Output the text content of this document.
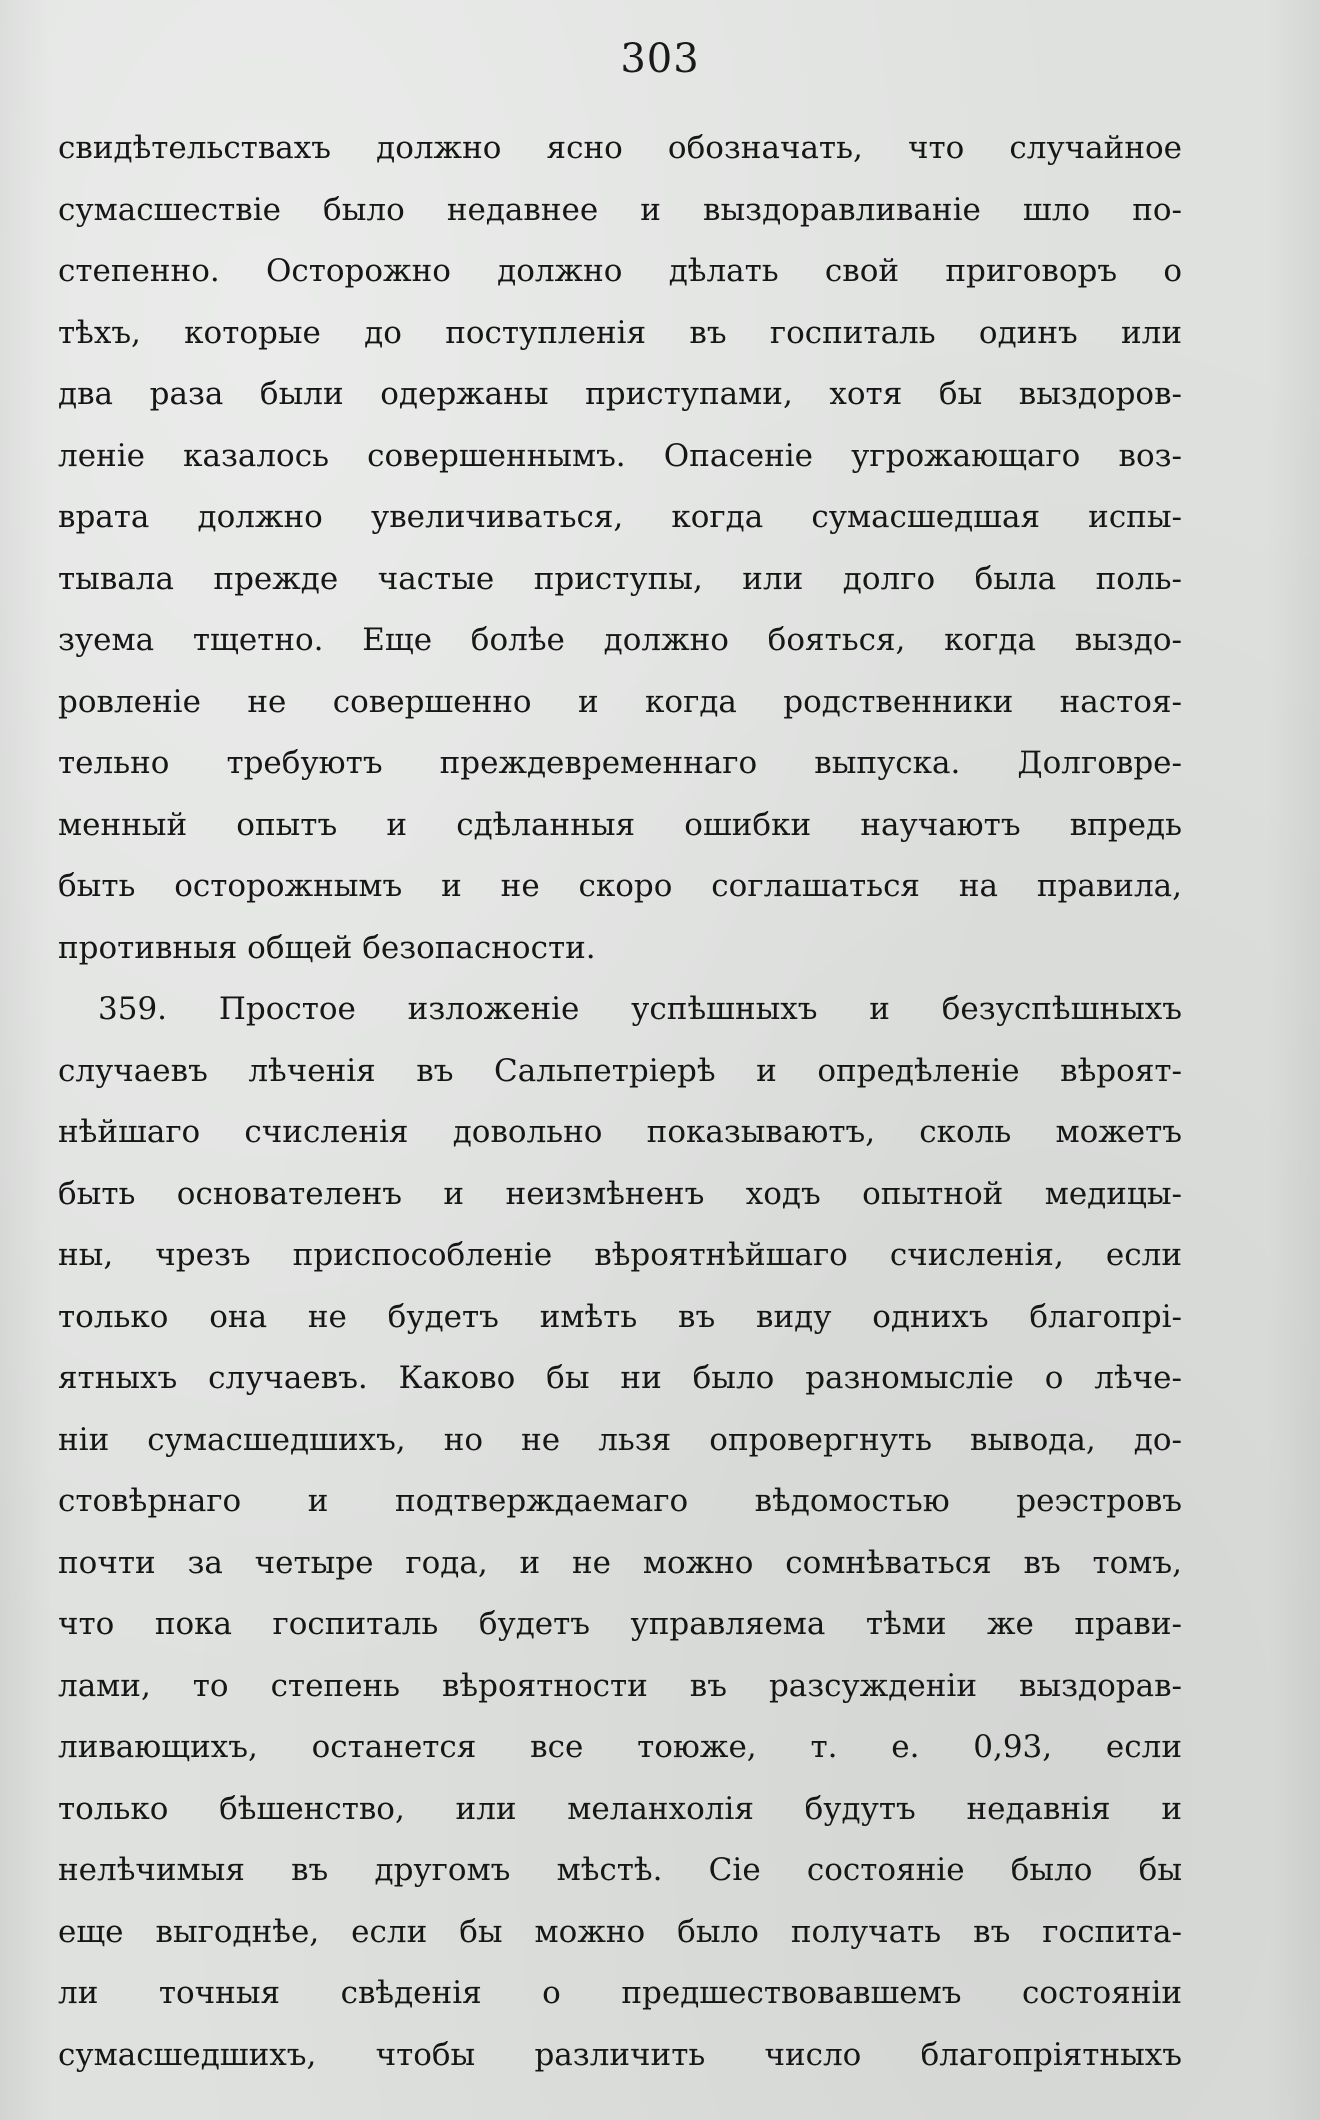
303
свидѣтельствахъ должно ясно обозначать, что случайное
сумасшествіе было недавнее и выздоравливаніе шло по-
степенно. Осторожно должно дѣлать свой приговоръ о
тѣхъ, которые до поступленія въ госпиталь одинъ или
два раза были одержаны приступами, хотя бы выздоров-
леніе казалось совершеннымъ. Опасеніе угрожающаго воз-
врата должно увеличиваться, когда сумасшедшая испы-
тывала прежде частые приступы, или долго была поль-
зуема тщетно. Еще болѣе должно бояться, когда выздо-
ровленіе не совершенно и когда родственники настоя-
тельно требуютъ преждевременнаго выпуска. Долговре-
менный опытъ и сдѣланныя ошибки научаютъ впредь
быть осторожнымъ и не скоро соглашаться на правила,
противныя общей безопасности.
359. Простое изложеніе успѣшныхъ и безуспѣшныхъ
случаевъ лѣченія въ Сальпетріерѣ и опредѣленіе вѣроят-
нѣйшаго счисленія довольно показываютъ, сколь можетъ
быть основателенъ и неизмѣненъ ходъ опытной медицы-
ны, чрезъ приспособленіе вѣроятнѣйшаго счисленія, если
только она не будетъ имѣть въ виду однихъ благопрі-
ятныхъ случаевъ. Каково бы ни было разномысліе о лѣче-
ніи сумасшедшихъ, но не льзя опровергнуть вывода, до-
стовѣрнаго и подтверждаемаго вѣдомостью реэстровъ
почти за четыре года, и не можно сомнѣваться въ томъ,
что пока госпиталь будетъ управляема тѣми же прави-
лами, то степень вѣроятности въ разсужденіи выздорав-
ливающихъ, останется все тоюже, т. е. 0,93, если
только бѣшенство, или меланхолія будутъ недавнія и
нелѣчимыя въ другомъ мѣстѣ. Сіе состояніе было бы
еще выгоднѣе, если бы можно было получать въ госпита-
ли точныя свѣденія о предшествовавшемъ состояніи
сумасшедшихъ, чтобы различить число благопріятныхъ
